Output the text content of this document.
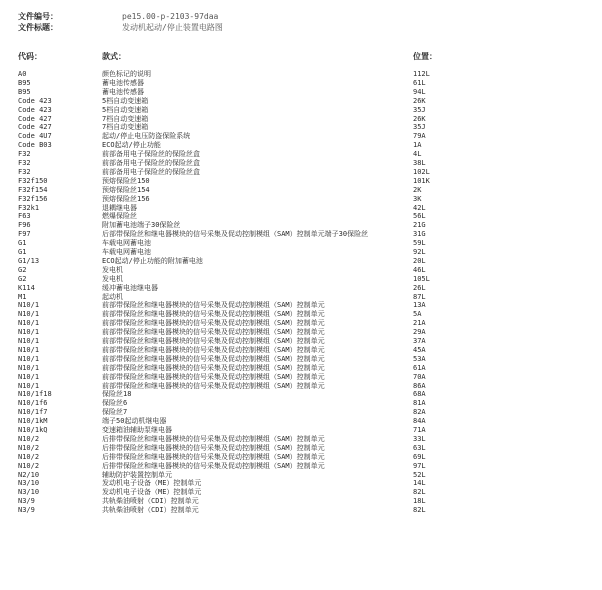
文件编号：	pe15.00-p-2103-97daa
文件标题：	发动机起动/停止装置电路图
代码：	款式：	位置：
A0	颜色标记的说明	112L
B95	蓄电池传感器	61L
B95	蓄电池传感器	94L
Code 423	5档自动变速箱	26K
Code 423	5档自动变速箱	35J
Code 427	7档自动变速箱	26K
Code 427	7档自动变速箱	35J
Code 4U7	起动/停止电压防盗保险系统	79A
Code B03	ECO起动/停止功能	1A
F32	前部备用电子保险丝的保险丝盒	4L
F32	前部备用电子保险丝的保险丝盒	38L
F32	前部备用电子保险丝的保险丝盒	102L
F32f150	预熔保险丝150	101K
F32f154	预熔保险丝154	2K
F32f156	预熔保险丝156	3K
F32k1	退耦继电器	42L
F63	燃爆保险丝	56L
F96	附加蓄电池端子30保险丝	21G
F97	后部带保险丝和继电器模块的信号采集及促动控制模组（SAM）控制单元端子30保险丝	31G
G1	车载电网蓄电池	59L
G1	车载电网蓄电池	92L
G1/13	ECO起动/停止功能的附加蓄电池	20L
G2	发电机	46L
G2	发电机	105L
K114	缓冲蓄电池继电器	26L
M1	起动机	87L
N10/1	前部带保险丝和继电器模块的信号采集及促动控制模组（SAM）控制单元	13A
N10/1	前部带保险丝和继电器模块的信号采集及促动控制模组（SAM）控制单元	5A
N10/1	前部带保险丝和继电器模块的信号采集及促动控制模组（SAM）控制单元	21A
N10/1	前部带保险丝和继电器模块的信号采集及促动控制模组（SAM）控制单元	29A
N10/1	前部带保险丝和继电器模块的信号采集及促动控制模组（SAM）控制单元	37A
N10/1	前部带保险丝和继电器模块的信号采集及促动控制模组（SAM）控制单元	45A
N10/1	前部带保险丝和继电器模块的信号采集及促动控制模组（SAM）控制单元	53A
N10/1	前部带保险丝和继电器模块的信号采集及促动控制模组（SAM）控制单元	61A
N10/1	前部带保险丝和继电器模块的信号采集及促动控制模组（SAM）控制单元	70A
N10/1	前部带保险丝和继电器模块的信号采集及促动控制模组（SAM）控制单元	86A
N10/1f18	保险丝18	68A
N10/1f6	保险丝6	81A
N10/1f7	保险丝7	82A
N10/1kM	端子50起动机继电器	84A
N10/1kQ	变速箱油辅助泵继电器	71A
N10/2	后排带保险丝和继电器模块的信号采集及促动控制模组（SAM）控制单元	33L
N10/2	后排带保险丝和继电器模块的信号采集及促动控制模组（SAM）控制单元	63L
N10/2	后排带保险丝和继电器模块的信号采集及促动控制模组（SAM）控制单元	69L
N10/2	后排带保险丝和继电器模块的信号采集及促动控制模组（SAM）控制单元	97L
N2/10	辅助防护装置控制单元	52L
N3/10	发动机电子设备（ME）控制单元	14L
N3/10	发动机电子设备（ME）控制单元	82L
N3/9	共轨柴油喷射（CDI）控制单元	18L
N3/9	共轨柴油喷射（CDI）控制单元	82L
